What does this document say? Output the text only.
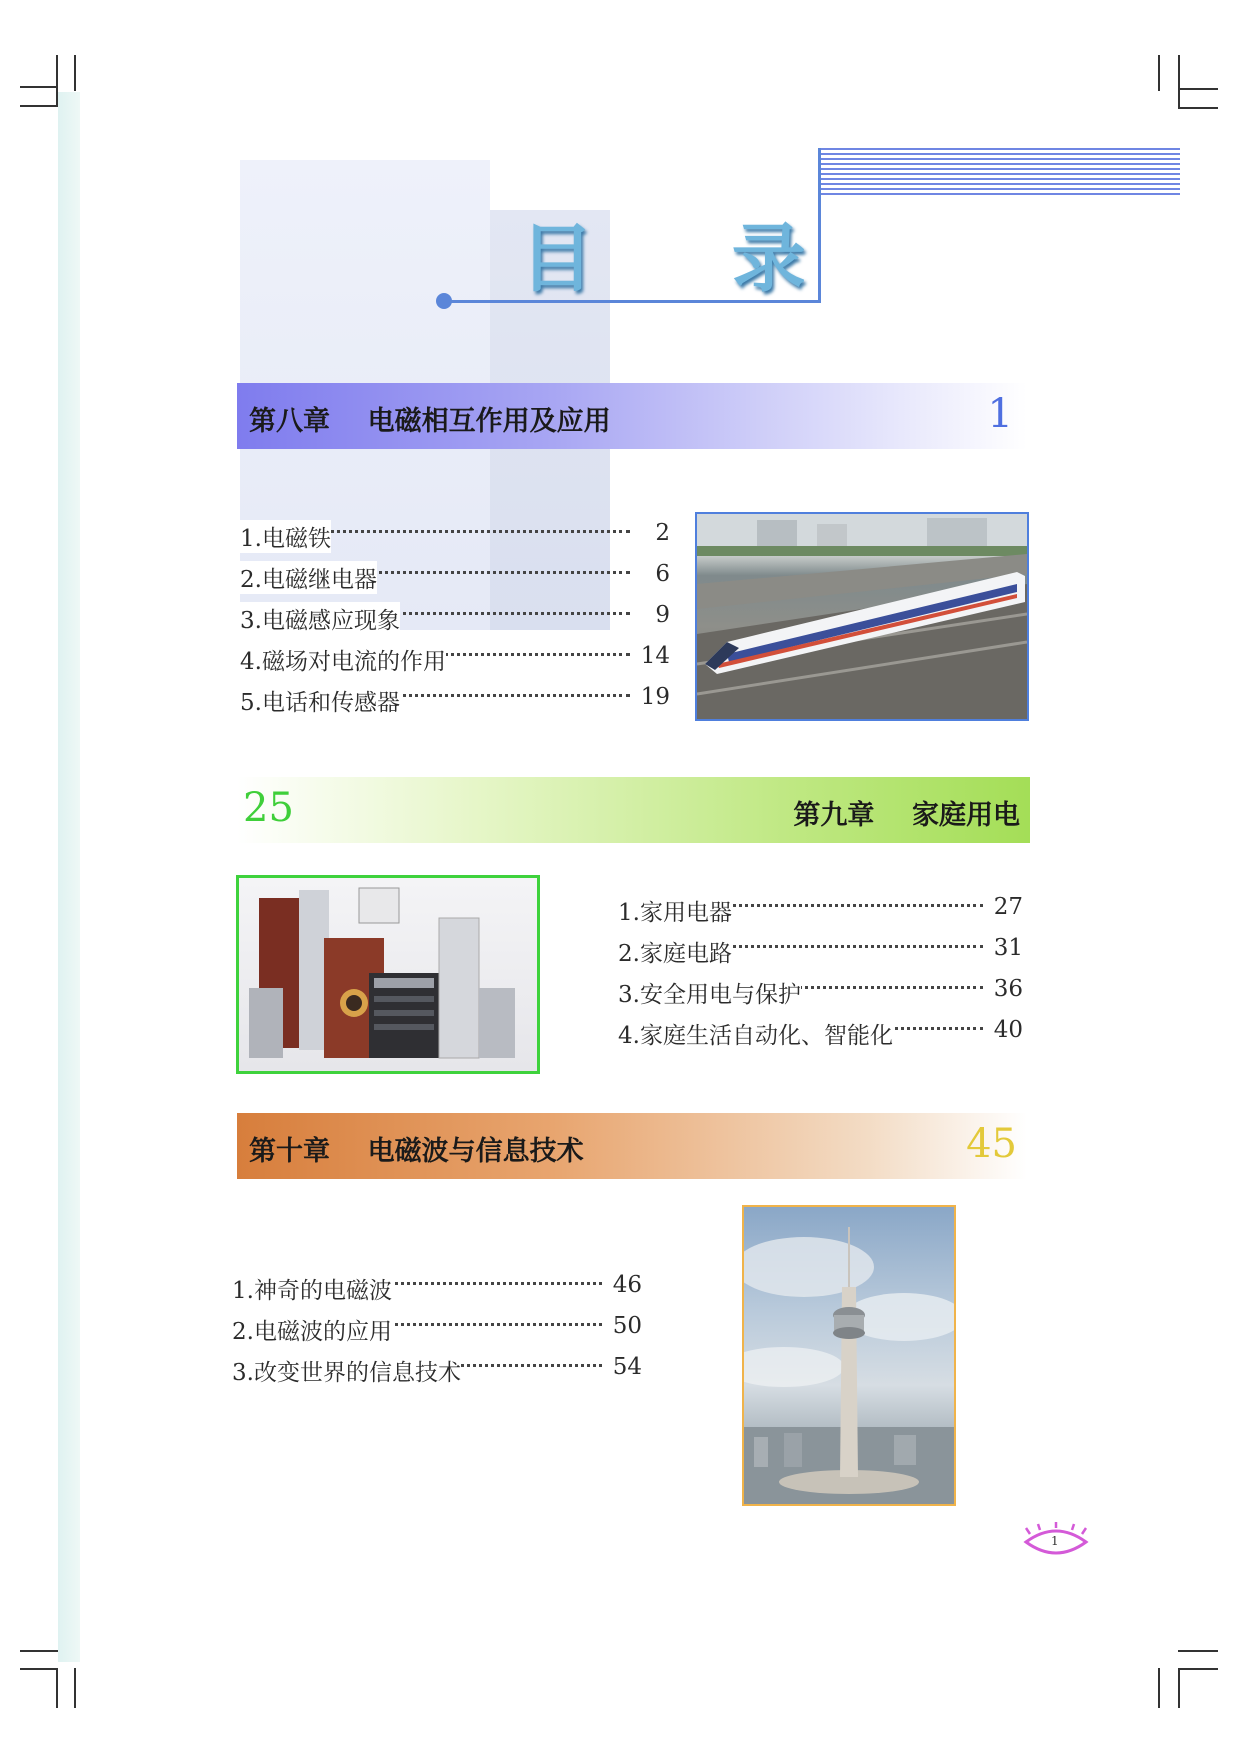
目 录
第八章    电磁相互作用及应用	1
1.电磁铁	2
2.电磁继电器	6
3.电磁感应现象	9
4.磁场对电流的作用	14
5.电话和传感器	19
25	第九章    家庭用电
1.家用电器	27
2.家庭电路	31
3.安全用电与保护	36
4.家庭生活自动化、智能化	40
第十章    电磁波与信息技术	45
1.神奇的电磁波	46
2.电磁波的应用	50
3.改变世界的信息技术	54
1
